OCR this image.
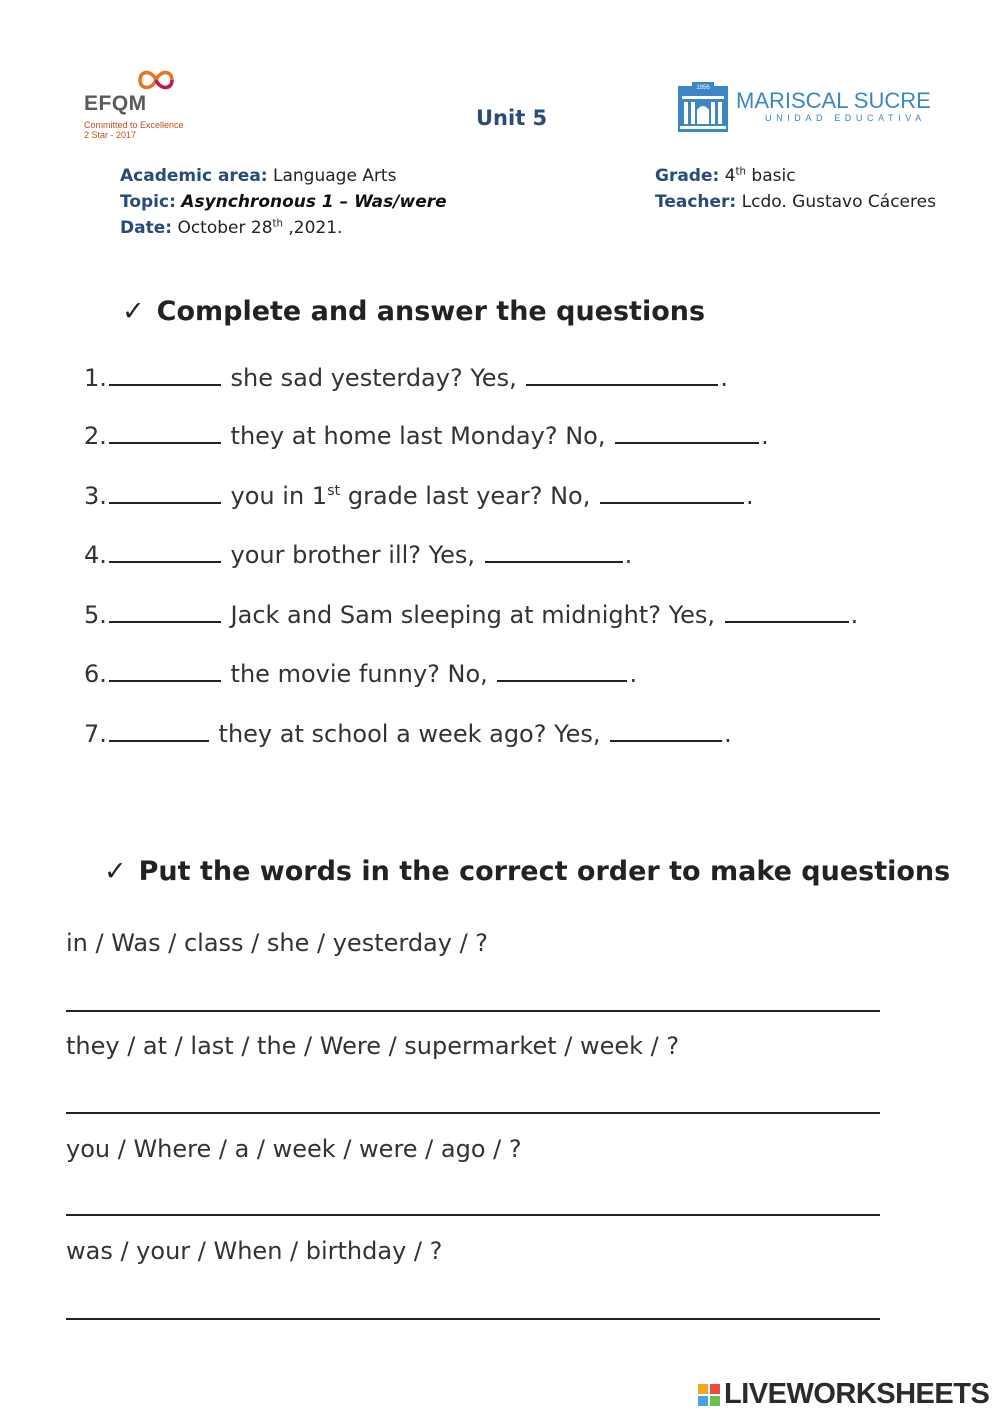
EFQM
Committed to Excellence
2 Star - 2017
Unit 5
1956 MARISCAL SUCRE
UNIDAD EDUCATIVA
Academic area: Language Arts
Topic: Asynchronous 1 – Was/were
Date: October 28th ,2021.
Grade: 4th basic
Teacher: Lcdo. Gustavo Cáceres
✓ Complete and answer the questions
1.	she sad yesterday? Yes,	.
2.	they at home last Monday? No,	.
3.	you in 1st grade last year? No,	.
4.	your brother ill? Yes,	.
5.	Jack and Sam sleeping at midnight? Yes,	.
6.	the movie funny? No,	.
7.	they at school a week ago? Yes,	.
✓ Put the words in the correct order to make questions
in / Was / class / she / yesterday / ?
they / at / last / the / Were / supermarket / week / ?
you / Where / a / week / were / ago / ?
was / your / When / birthday / ?
LIVEWORKSHEETS
